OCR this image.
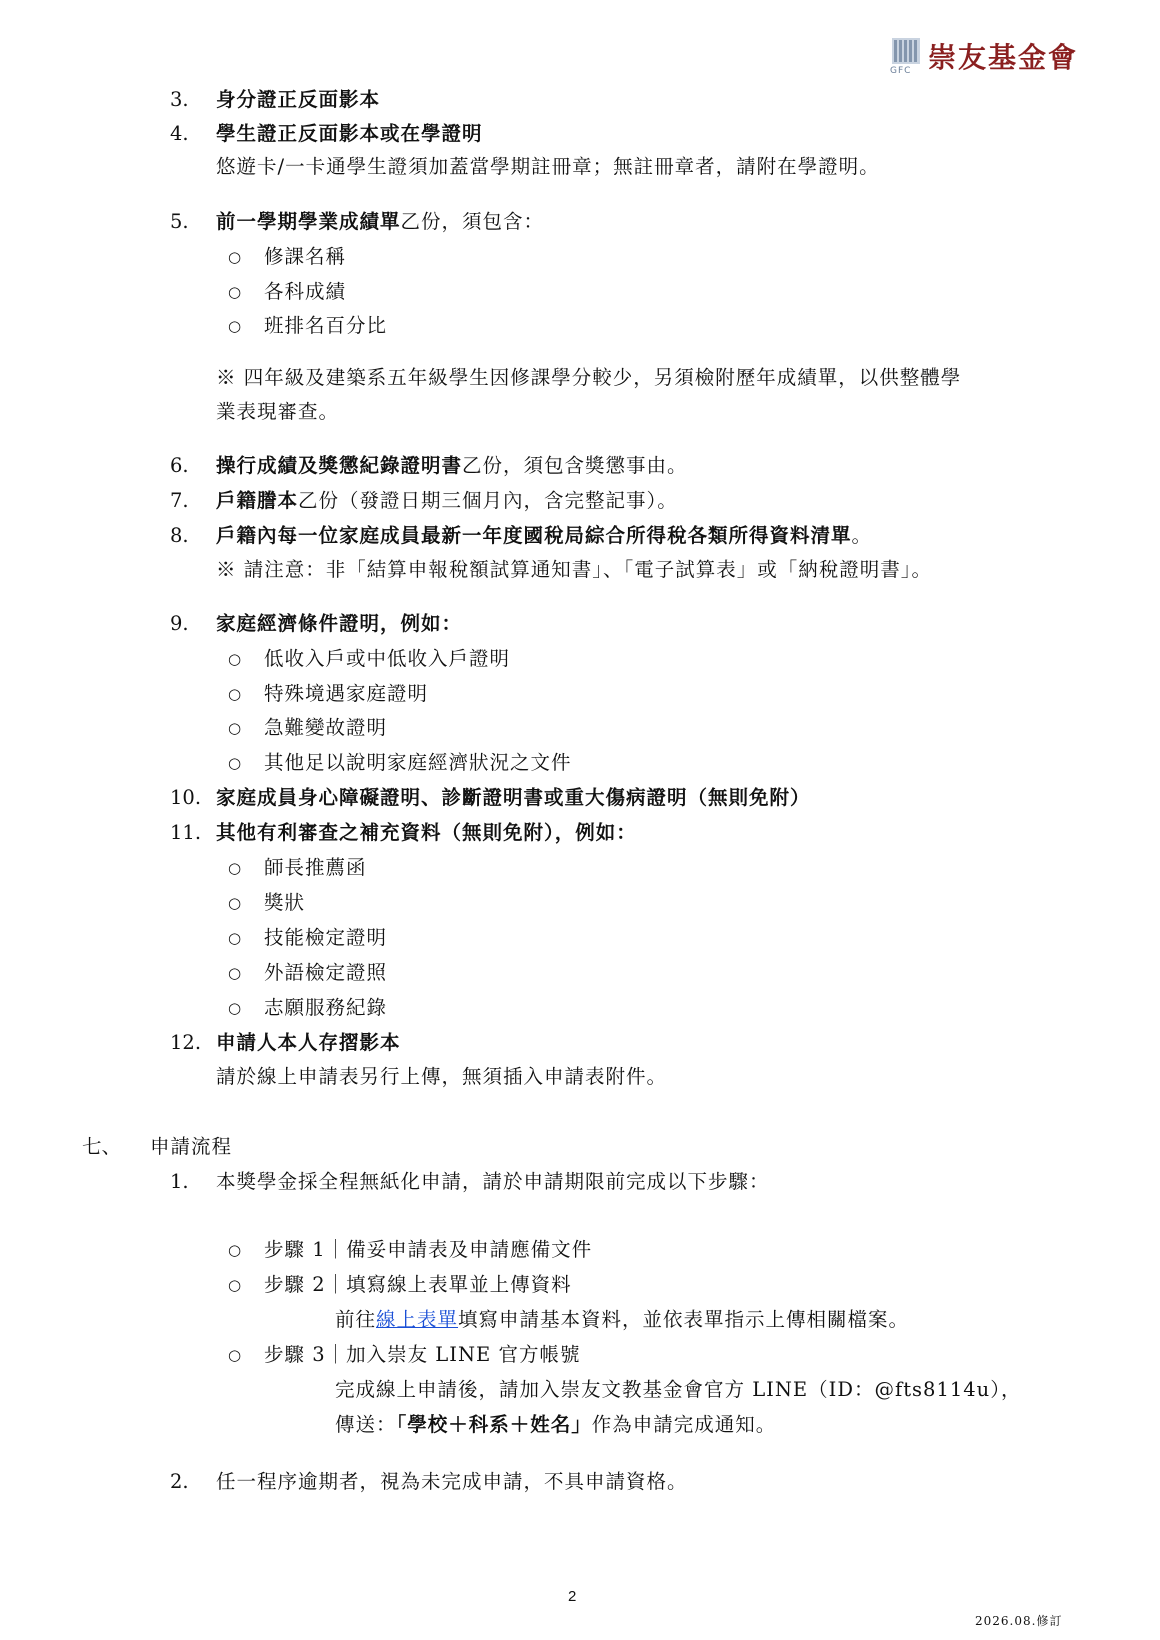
GFC 崇友基金會
3. 身分證正反面影本
4. 學生證正反面影本或在學證明
悠遊卡/一卡通學生證須加蓋當學期註冊章；無註冊章者，請附在學證明。
5. 前一學期學業成績單乙份，須包含：
○ 修課名稱
○ 各科成績
○ 班排名百分比
※ 四年級及建築系五年級學生因修課學分較少，另須檢附歷年成績單，以供整體學
業表現審查。
6. 操行成績及獎懲紀錄證明書乙份，須包含獎懲事由。
7. 戶籍謄本乙份（發證日期三個月內，含完整記事）。
8. 戶籍內每一位家庭成員最新一年度國稅局綜合所得稅各類所得資料清單。
※ 請注意：非「結算申報稅額試算通知書」、「電子試算表」或「納稅證明書」。
9. 家庭經濟條件證明，例如：
○ 低收入戶或中低收入戶證明
○ 特殊境遇家庭證明
○ 急難變故證明
○ 其他足以說明家庭經濟狀況之文件
10. 家庭成員身心障礙證明、診斷證明書或重大傷病證明（無則免附）
11. 其他有利審查之補充資料（無則免附），例如：
○ 師長推薦函
○ 獎狀
○ 技能檢定證明
○ 外語檢定證照
○ 志願服務紀錄
12. 申請人本人存摺影本
請於線上申請表另行上傳，無須插入申請表附件。
七、 申請流程
1. 本獎學金採全程無紙化申請，請於申請期限前完成以下步驟：
○ 步驟 1｜備妥申請表及申請應備文件
○ 步驟 2｜填寫線上表單並上傳資料
前往線上表單填寫申請基本資料，並依表單指示上傳相關檔案。
○ 步驟 3｜加入崇友 LINE 官方帳號
完成線上申請後，請加入崇友文教基金會官方 LINE（ID：@fts8114u），
傳送：「學校＋科系＋姓名」作為申請完成通知。
2. 任一程序逾期者，視為未完成申請，不具申請資格。
2
2026.08.修訂
